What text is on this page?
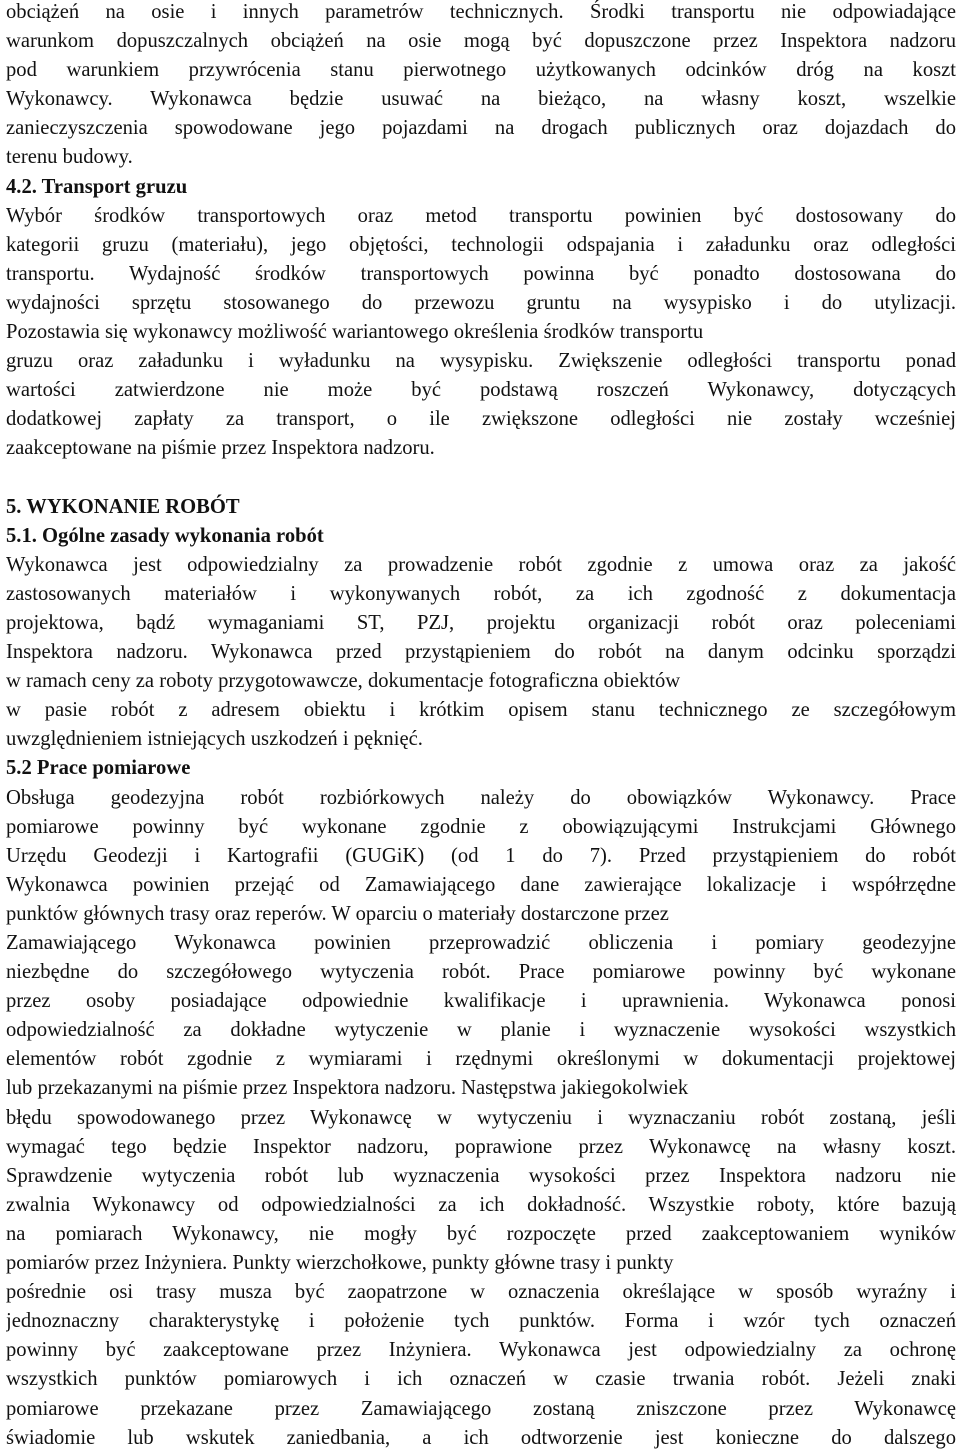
obciążeń na osie i innych parametrów technicznych. Środki transportu nie odpowiadające
warunkom dopuszczalnych obciążeń na osie mogą być dopuszczone przez Inspektora nadzoru
pod warunkiem przywrócenia stanu pierwotnego użytkowanych odcinków dróg na koszt
Wykonawcy. Wykonawca będzie usuwać na bieżąco, na własny koszt, wszelkie
zanieczyszczenia spowodowane jego pojazdami na drogach publicznych oraz dojazdach do
terenu budowy.
4.2. Transport gruzu
Wybór środków transportowych oraz metod transportu powinien być dostosowany do
kategorii gruzu (materiału), jego objętości, technologii odspajania i załadunku oraz odległości
transportu. Wydajność środków transportowych powinna być ponadto dostosowana do
wydajności sprzętu stosowanego do przewozu gruntu na wysypisko i do utylizacji.
Pozostawia się wykonawcy możliwość wariantowego określenia środków transportu
gruzu oraz załadunku i wyładunku na wysypisku. Zwiększenie odległości transportu ponad
wartości zatwierdzone nie może być podstawą roszczeń Wykonawcy, dotyczących
dodatkowej zapłaty za transport, o ile zwiększone odległości nie zostały wcześniej
zaakceptowane na piśmie przez Inspektora nadzoru.
5. WYKONANIE ROBÓT
5.1. Ogólne zasady wykonania robót
Wykonawca jest odpowiedzialny za prowadzenie robót zgodnie z umowa oraz za jakość
zastosowanych materiałów i wykonywanych robót, za ich zgodność z dokumentacja
projektowa, bądź wymaganiami ST, PZJ, projektu organizacji robót oraz poleceniami
Inspektora nadzoru. Wykonawca przed przystąpieniem do robót na danym odcinku sporządzi
w ramach ceny za roboty przygotowawcze, dokumentacje fotograficzna obiektów
w pasie robót z adresem obiektu i krótkim opisem stanu technicznego ze szczegółowym
uwzględnieniem istniejących uszkodzeń i pęknięć.
5.2 Prace pomiarowe
Obsługa geodezyjna robót rozbiórkowych należy do obowiązków Wykonawcy. Prace
pomiarowe powinny być wykonane zgodnie z obowiązującymi Instrukcjami Głównego
Urzędu Geodezji i Kartografii (GUGiK) (od 1 do 7). Przed przystąpieniem do robót
Wykonawca powinien przejąć od Zamawiającego dane zawierające lokalizacje i współrzędne
punktów głównych trasy oraz reperów. W oparciu o materiały dostarczone przez
Zamawiającego Wykonawca powinien przeprowadzić obliczenia i pomiary geodezyjne
niezbędne do szczegółowego wytyczenia robót. Prace pomiarowe powinny być wykonane
przez osoby posiadające odpowiednie kwalifikacje i uprawnienia. Wykonawca ponosi
odpowiedzialność za dokładne wytyczenie w planie i wyznaczenie wysokości wszystkich
elementów robót zgodnie z wymiarami i rzędnymi określonymi w dokumentacji projektowej
lub przekazanymi na piśmie przez Inspektora nadzoru. Następstwa jakiegokolwiek
błędu spowodowanego przez Wykonawcę w wytyczeniu i wyznaczaniu robót zostaną, jeśli
wymagać tego będzie Inspektor nadzoru, poprawione przez Wykonawcę na własny koszt.
Sprawdzenie wytyczenia robót lub wyznaczenia wysokości przez Inspektora nadzoru nie
zwalnia Wykonawcy od odpowiedzialności za ich dokładność. Wszystkie roboty, które bazują
na pomiarach Wykonawcy, nie mogły być rozpoczęte przed zaakceptowaniem wyników
pomiarów przez Inżyniera. Punkty wierzchołkowe, punkty główne trasy i punkty
pośrednie osi trasy musza być zaopatrzone w oznaczenia określające w sposób wyraźny i
jednoznaczny charakterystykę i położenie tych punktów. Forma i wzór tych oznaczeń
powinny być zaakceptowane przez Inżyniera. Wykonawca jest odpowiedzialny za ochronę
wszystkich punktów pomiarowych i ich oznaczeń w czasie trwania robót. Jeżeli znaki
pomiarowe przekazane przez Zamawiającego zostaną zniszczone przez Wykonawcę
świadomie lub wskutek zaniedbania, a ich odtworzenie jest konieczne do dalszego
